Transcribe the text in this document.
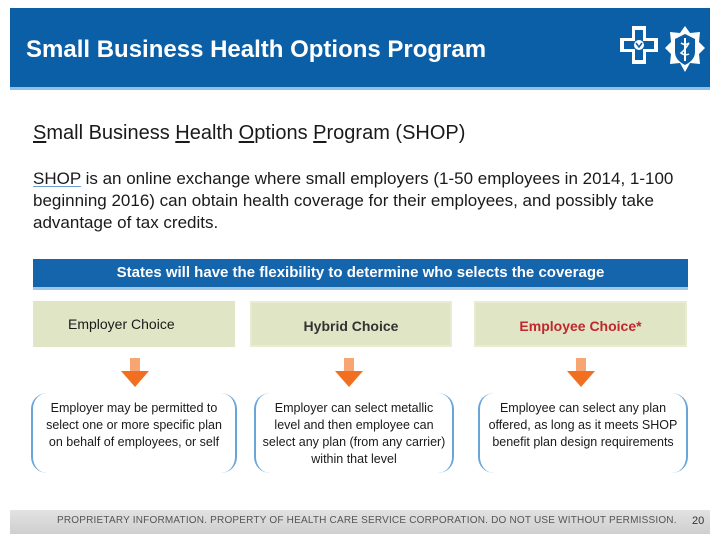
Small Business Health Options Program
Small Business Health Options Program (SHOP)
SHOP is an online exchange where small employers (1-50 employees in 2014, 1-100 beginning 2016) can obtain health coverage for their employees, and possibly take advantage of tax credits.
States will have the flexibility to determine who selects the coverage
Employer Choice	Hybrid Choice	Employee Choice*
Employer may be permitted to select one or more specific plan on behalf of employees, or self
Employer can select metallic level and then employee can select any plan (from any carrier) within that level
Employee can select any plan offered, as long as it meets SHOP benefit plan design requirements
PROPRIETARY INFORMATION. PROPERTY OF HEALTH CARE SERVICE CORPORATION. DO NOT USE WITHOUT PERMISSION.	20
